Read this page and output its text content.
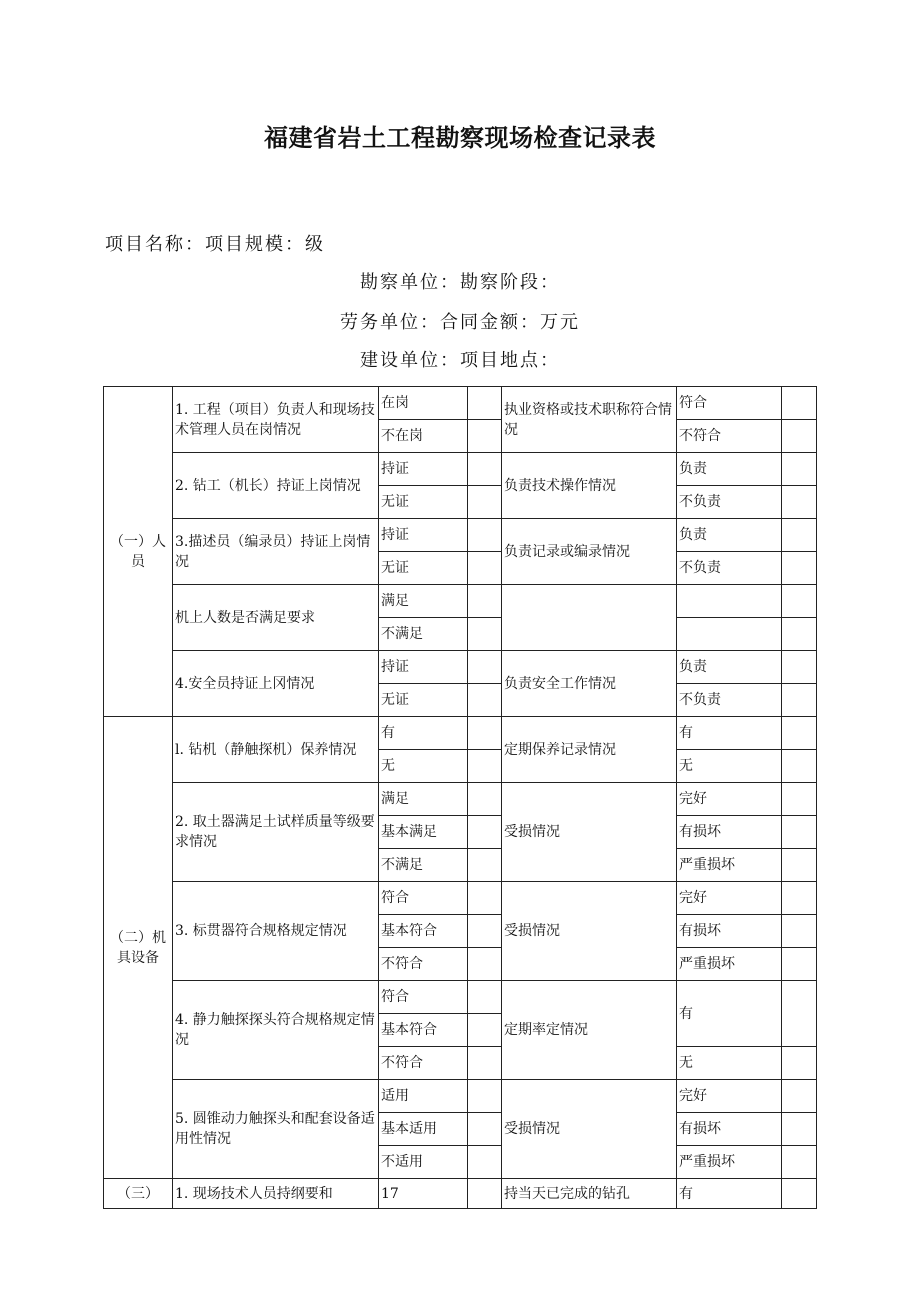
福建省岩土工程勘察现场检查记录表
项目名称：项目规模：级
勘察单位：勘察阶段：
劳务单位：合同金额：万元
建设单位：项目地点：
（一）人员	1. 工程（项目）负责人和现场技术管理人员在岗情况	在岗		执业资格或技术职称符合情况	符合	
		不在岗			不符合	
	2. 钻工（机长）持证上岗情况	持证		负责技术操作情况	负责	
		无证			不负责	
	3.描述员（编录员）持证上岗情况	持证		负责记录或编录情况	负责	
		无证			不负责	
	机上人数是否满足要求	满足				
		不满足				
	4.安全员持证上冈情况	持证		负责安全工作情况	负责	
		无证			不负责	
（二）机具设备	l. 钻机（静触探机）保养情况	有		定期保养记录情况	有	
		无			无	
	2. 取土器满足土试样质量等级要求情况	满足		受损情况	完好	
		基本满足			有损坏	
		不满足			严重损坏	
	3. 标贯器符合规格规定情况	符合		受损情况	完好	
		基本符合			有损坏	
		不符合			严重损坏	
	4. 静力触探探头符合规格规定情况	符合		定期率定情况	有	
		基本符合				
		不符合			无	
	5. 圆锥动力触探头和配套设备适用性情况	适用		受损情况	完好	
		基本适用			有损坏	
		不适用			严重损坏	
（三）	1. 现场技术人员持纲要和	17		持当天已完成的钻孔	有	
